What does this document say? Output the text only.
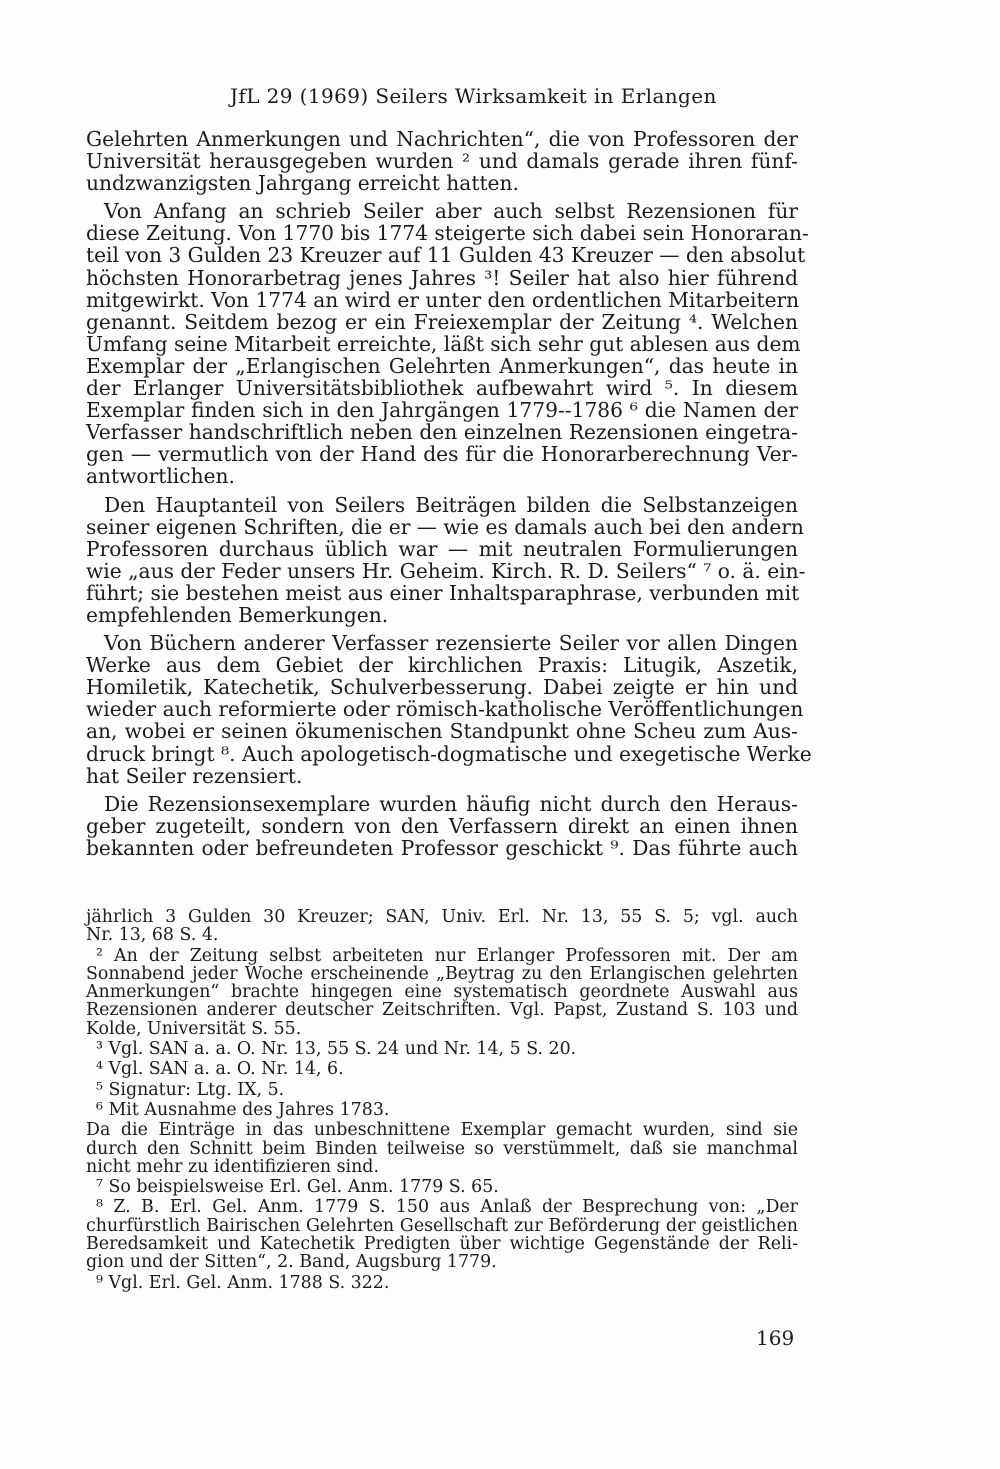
JfL 29 (1969) Seilers Wirksamkeit in Erlangen
Gelehrten Anmerkungen und Nachrichten“, die von Professoren der
Universität herausgegeben wurden ² und damals gerade ihren fünf-
undzwanzigsten Jahrgang erreicht hatten.
Von Anfang an schrieb Seiler aber auch selbst Rezensionen für
diese Zeitung. Von 1770 bis 1774 steigerte sich dabei sein Honoraran-
teil von 3 Gulden 23 Kreuzer auf 11 Gulden 43 Kreuzer — den absolut
höchsten Honorarbetrag jenes Jahres ³! Seiler hat also hier führend
mitgewirkt. Von 1774 an wird er unter den ordentlichen Mitarbeitern
genannt. Seitdem bezog er ein Freiexemplar der Zeitung ⁴. Welchen
Umfang seine Mitarbeit erreichte, läßt sich sehr gut ablesen aus dem
Exemplar der „Erlangischen Gelehrten Anmerkungen“, das heute in
der Erlanger Universitätsbibliothek aufbewahrt wird ⁵. In diesem
Exemplar finden sich in den Jahrgängen 1779--1786 ⁶ die Namen der
Verfasser handschriftlich neben den einzelnen Rezensionen eingetra-
gen — vermutlich von der Hand des für die Honorarberechnung Ver-
antwortlichen.
Den Hauptanteil von Seilers Beiträgen bilden die Selbstanzeigen
seiner eigenen Schriften, die er — wie es damals auch bei den andern
Professoren durchaus üblich war — mit neutralen Formulierungen
wie „aus der Feder unsers Hr. Geheim. Kirch. R. D. Seilers“ ⁷ o. ä. ein-
führt; sie bestehen meist aus einer Inhaltsparaphrase, verbunden mit
empfehlenden Bemerkungen.
Von Büchern anderer Verfasser rezensierte Seiler vor allen Dingen
Werke aus dem Gebiet der kirchlichen Praxis: Litugik, Aszetik,
Homiletik, Katechetik, Schulverbesserung. Dabei zeigte er hin und
wieder auch reformierte oder römisch-katholische Veröffentlichungen
an, wobei er seinen ökumenischen Standpunkt ohne Scheu zum Aus-
druck bringt ⁸. Auch apologetisch-dogmatische und exegetische Werke
hat Seiler rezensiert.
Die Rezensionsexemplare wurden häufig nicht durch den Heraus-
geber zugeteilt, sondern von den Verfassern direkt an einen ihnen
bekannten oder befreundeten Professor geschickt ⁹. Das führte auch
jährlich 3 Gulden 30 Kreuzer; SAN, Univ. Erl. Nr. 13, 55 S. 5; vgl. auch
Nr. 13, 68 S. 4.
² An der Zeitung selbst arbeiteten nur Erlanger Professoren mit. Der am
Sonnabend jeder Woche erscheinende „Beytrag zu den Erlangischen gelehrten
Anmerkungen“ brachte hingegen eine systematisch geordnete Auswahl aus
Rezensionen anderer deutscher Zeitschriften. Vgl. Papst, Zustand S. 103 und
Kolde, Universität S. 55.
³ Vgl. SAN a. a. O. Nr. 13, 55 S. 24 und Nr. 14, 5 S. 20.
⁴ Vgl. SAN a. a. O. Nr. 14, 6.
⁵ Signatur: Ltg. IX, 5.
⁶ Mit Ausnahme des Jahres 1783.
Da die Einträge in das unbeschnittene Exemplar gemacht wurden, sind sie
durch den Schnitt beim Binden teilweise so verstümmelt, daß sie manchmal
nicht mehr zu identifizieren sind.
⁷ So beispielsweise Erl. Gel. Anm. 1779 S. 65.
⁸ Z. B. Erl. Gel. Anm. 1779 S. 150 aus Anlaß der Besprechung von: „Der
churfürstlich Bairischen Gelehrten Gesellschaft zur Beförderung der geistlichen
Beredsamkeit und Katechetik Predigten über wichtige Gegenstände der Reli-
gion und der Sitten“, 2. Band, Augsburg 1779.
⁹ Vgl. Erl. Gel. Anm. 1788 S. 322.
169
